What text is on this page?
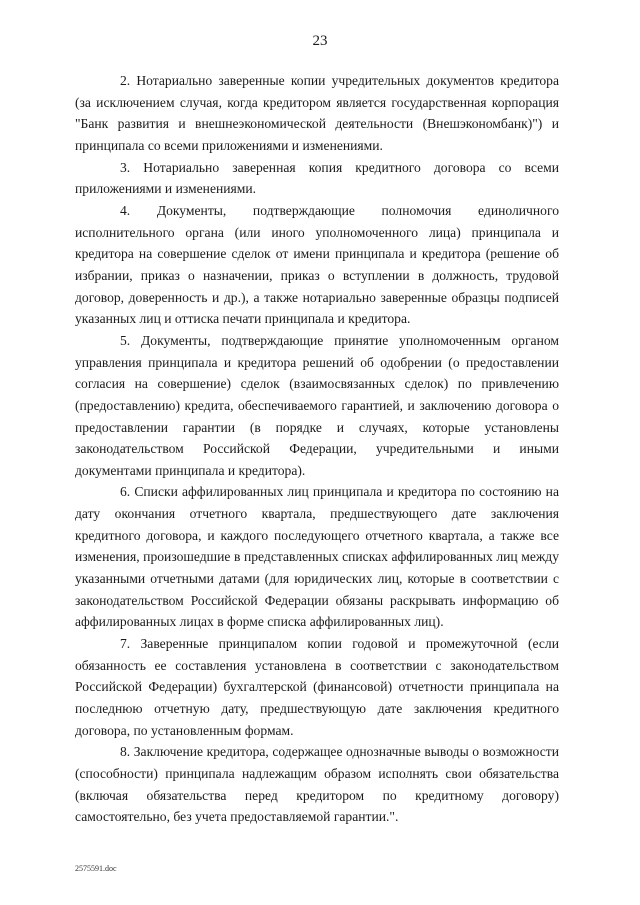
23

2. Нотариально заверенные копии учредительных документов кредитора (за исключением случая, когда кредитором является государственная корпорация "Банк развития и внешнеэкономической деятельности (Внешэкономбанк)") и принципала со всеми приложениями и изменениями.

3. Нотариально заверенная копия кредитного договора со всеми приложениями и изменениями.

4. Документы, подтверждающие полномочия единоличного исполнительного органа (или иного уполномоченного лица) принципала и кредитора на совершение сделок от имени принципала и кредитора (решение об избрании, приказ о назначении, приказ о вступлении в должность, трудовой договор, доверенность и др.), а также нотариально заверенные образцы подписей указанных лиц и оттиска печати принципала и кредитора.

5. Документы, подтверждающие принятие уполномоченным органом управления принципала и кредитора решений об одобрении (о предоставлении согласия на совершение) сделок (взаимосвязанных сделок) по привлечению (предоставлению) кредита, обеспечиваемого гарантией, и заключению договора о предоставлении гарантии (в порядке и случаях, которые установлены законодательством Российской Федерации, учредительными и иными документами принципала и кредитора).

6. Списки аффилированных лиц принципала и кредитора по состоянию на дату окончания отчетного квартала, предшествующего дате заключения кредитного договора, и каждого последующего отчетного квартала, а также все изменения, произошедшие в представленных списках аффилированных лиц между указанными отчетными датами (для юридических лиц, которые в соответствии с законодательством Российской Федерации обязаны раскрывать информацию об аффилированных лицах в форме списка аффилированных лиц).

7. Заверенные принципалом копии годовой и промежуточной (если обязанность ее составления установлена в соответствии с законодательством Российской Федерации) бухгалтерской (финансовой) отчетности принципала на последнюю отчетную дату, предшествующую дате заключения кредитного договора, по установленным формам.

8. Заключение кредитора, содержащее однозначные выводы о возможности (способности) принципала надлежащим образом исполнять свои обязательства (включая обязательства перед кредитором по кредитному договору) самостоятельно, без учета предоставляемой гарантии.".

2575591.doc
